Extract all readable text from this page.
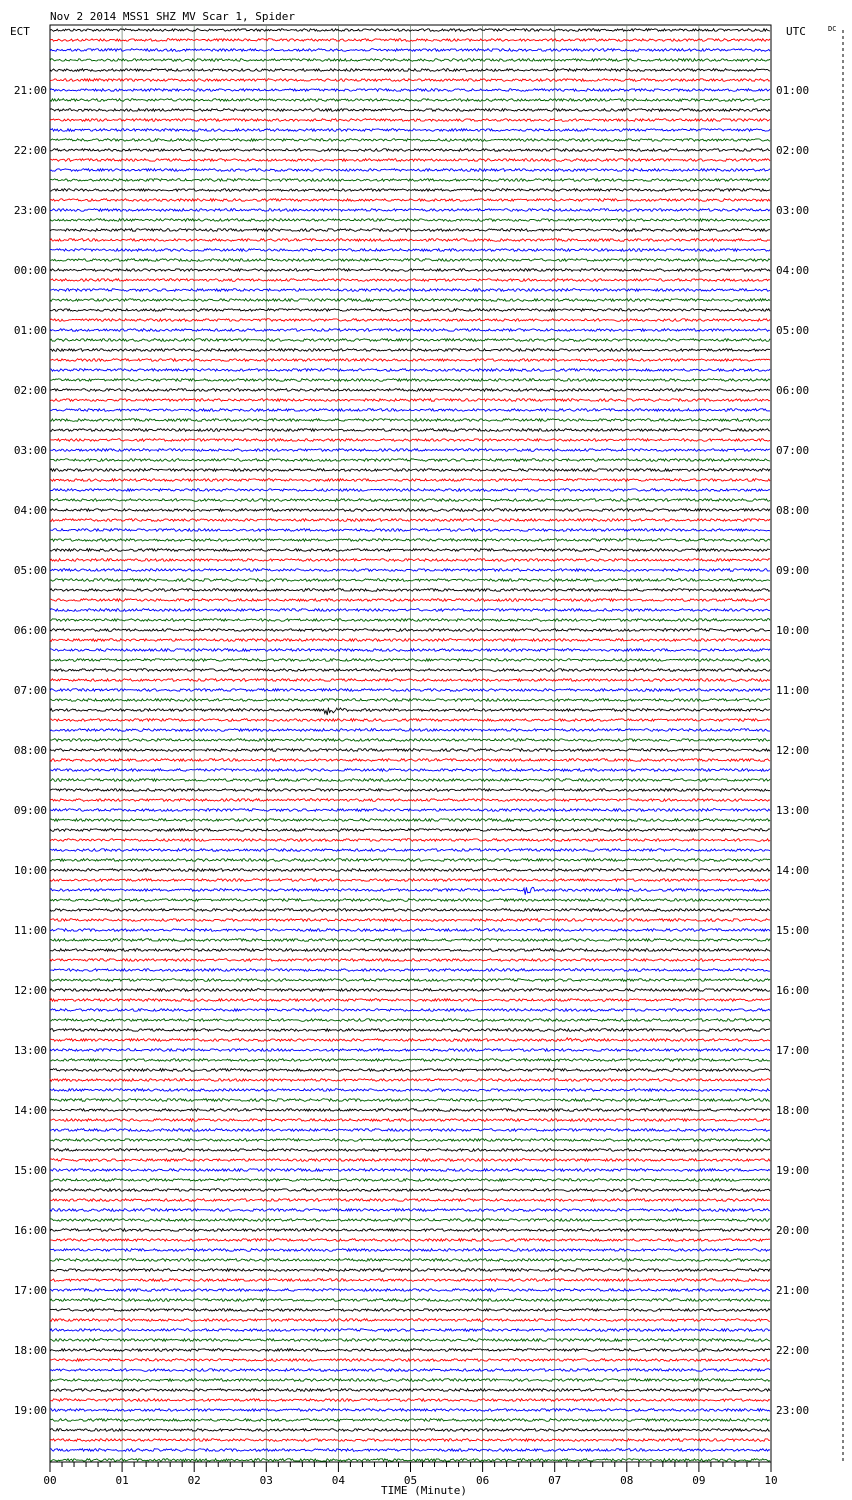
Nov 2 2014 MSS1 SHZ MV Scar 1, Spider
ECT	UTC	DC
21:00
22:00
23:00
00:00
01:00
02:00
03:00
04:00
05:00
06:00
07:00
08:00
09:00
10:00
11:00
12:00
13:00
14:00
15:00
16:00
17:00
18:00
19:00
01:00
02:00
03:00
04:00
05:00
06:00
07:00
08:00
09:00
10:00
11:00
12:00
13:00
14:00
15:00
16:00
17:00
18:00
19:00
20:00
21:00
22:00
23:00
00	01	02	03	04	05	06	07	08	09	10
TIME (Minute)
